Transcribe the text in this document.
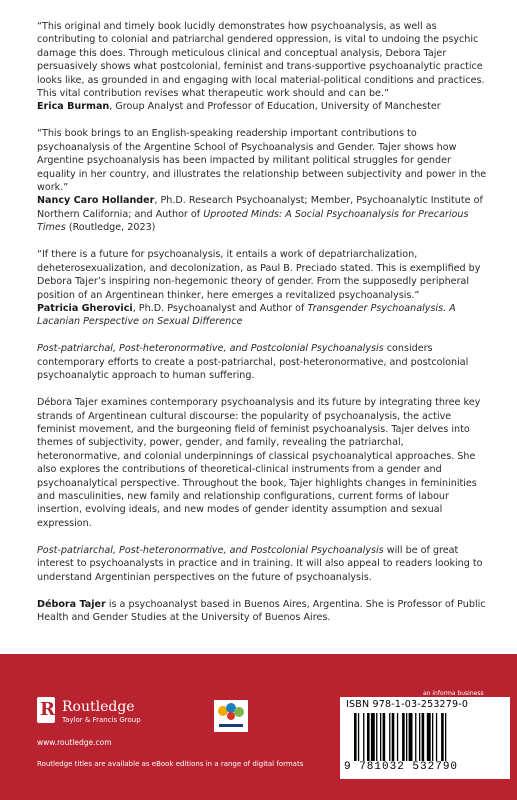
“This original and timely book lucidly demonstrates how psychoanalysis, as well as contributing to colonial and patriarchal gendered oppression, is vital to undoing the psychic damage this does. Through meticulous clinical and conceptual analysis, Debora Tajer persuasively shows what postcolonial, feminist and trans-supportive psychoanalytic practice looks like, as grounded in and engaging with local material-political conditions and practices. This vital contribution revises what therapeutic work should and can be.”
Erica Burman, Group Analyst and Professor of Education, University of Manchester

“This book brings to an English-speaking readership important contributions to psychoanalysis of the Argentine School of Psychoanalysis and Gender. Tajer shows how Argentine psychoanalysis has been impacted by militant political struggles for gender equality in her country, and illustrates the relationship between subjectivity and power in the work.”
Nancy Caro Hollander, Ph.D. Research Psychoanalyst; Member, Psychoanalytic Institute of Northern California; and Author of Uprooted Minds: A Social Psychoanalysis for Precarious Times (Routledge, 2023)

“If there is a future for psychoanalysis, it entails a work of depatriarchalization, deheterosexualization, and decolonization, as Paul B. Preciado stated. This is exemplified by Debora Tajer’s inspiring non-hegemonic theory of gender. From the supposedly peripheral position of an Argentinean thinker, here emerges a revitalized psychoanalysis.”
Patricia Gherovici, Ph.D. Psychoanalyst and Author of Transgender Psychoanalysis. A Lacanian Perspective on Sexual Difference

Post-patriarchal, Post-heteronormative, and Postcolonial Psychoanalysis considers contemporary efforts to create a post-patriarchal, post-heteronormative, and postcolonial psychoanalytic approach to human suffering.

Débora Tajer examines contemporary psychoanalysis and its future by integrating three key strands of Argentinean cultural discourse: the popularity of psychoanalysis, the active feminist movement, and the burgeoning field of feminist psychoanalysis. Tajer delves into themes of subjectivity, power, gender, and family, revealing the patriarchal, heteronormative, and colonial underpinnings of classical psychoanalytical approaches. She also explores the contributions of theoretical-clinical instruments from a gender and psychoanalytical perspective. Throughout the book, Tajer highlights changes in femininities and masculinities, new family and relationship configurations, current forms of labour insertion, evolving ideals, and new modes of gender identity assumption and sexual expression.

Post-patriarchal, Post-heteronormative, and Postcolonial Psychoanalysis will be of great interest to psychoanalysts in practice and in training. It will also appeal to readers looking to understand Argentinian perspectives on the future of psychoanalysis.

Débora Tajer is a psychoanalyst based in Buenos Aires, Argentina. She is Professor of Public Health and Gender Studies at the University of Buenos Aires.

R Routledge
Taylor & Francis Group
www.routledge.com
Routledge titles are available as eBook editions in a range of digital formats
an informa business
ISBN 978-1-03-253279-0
9 781032 532790
